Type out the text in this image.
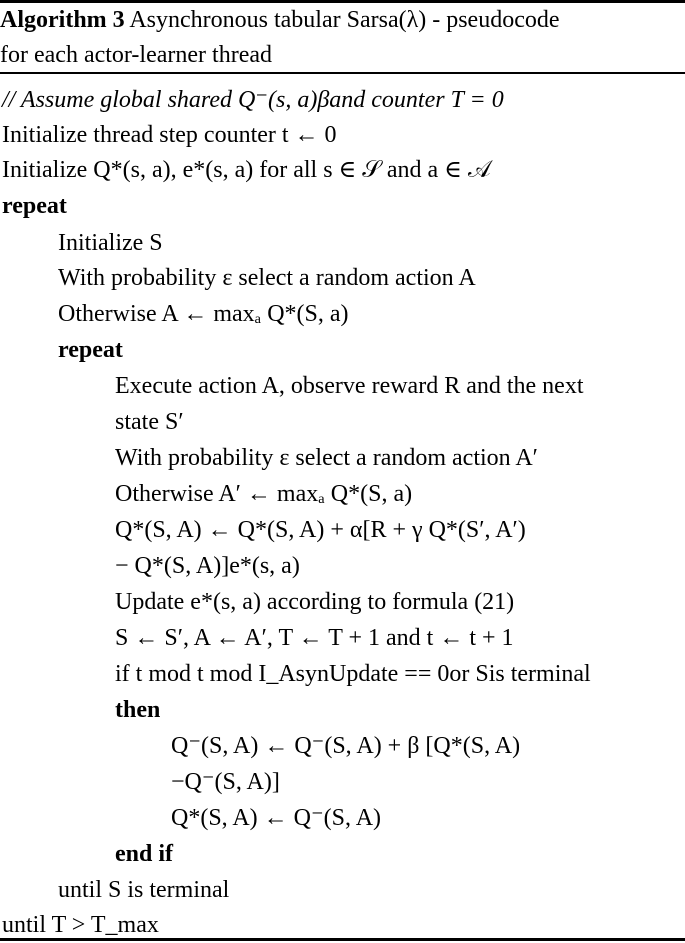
Algorithm 3 Asynchronous tabular Sarsa(λ) - pseudocode
for each actor-learner thread
// Assume global shared Q⁻(s, a)βand counter T = 0
Initialize thread step counter t ← 0
Initialize Q*(s, a), e*(s, a) for all s ∈ 𝒮 and a ∈ 𝒜
repeat
Initialize S
With probability ε select a random action A
Otherwise A ← maxₐ Q*(S, a)
repeat
Execute action A, observe reward R and the next
state S′
With probability ε select a random action A′
Otherwise A′ ← maxₐ Q*(S, a)
Q*(S, A) ← Q*(S, A) + α[R + γ Q*(S′, A′)
− Q*(S, A)]e*(s, a)
Update e*(s, a) according to formula (21)
S ← S′, A ← A′, T ← T + 1 and t ← t + 1
if t mod t mod I_AsynUpdate == 0or Sis terminal
then
Q⁻(S, A) ← Q⁻(S, A) + β [Q*(S, A)
−Q⁻(S, A)]
Q*(S, A) ← Q⁻(S, A)
end if
until S is terminal
until T > T_max
